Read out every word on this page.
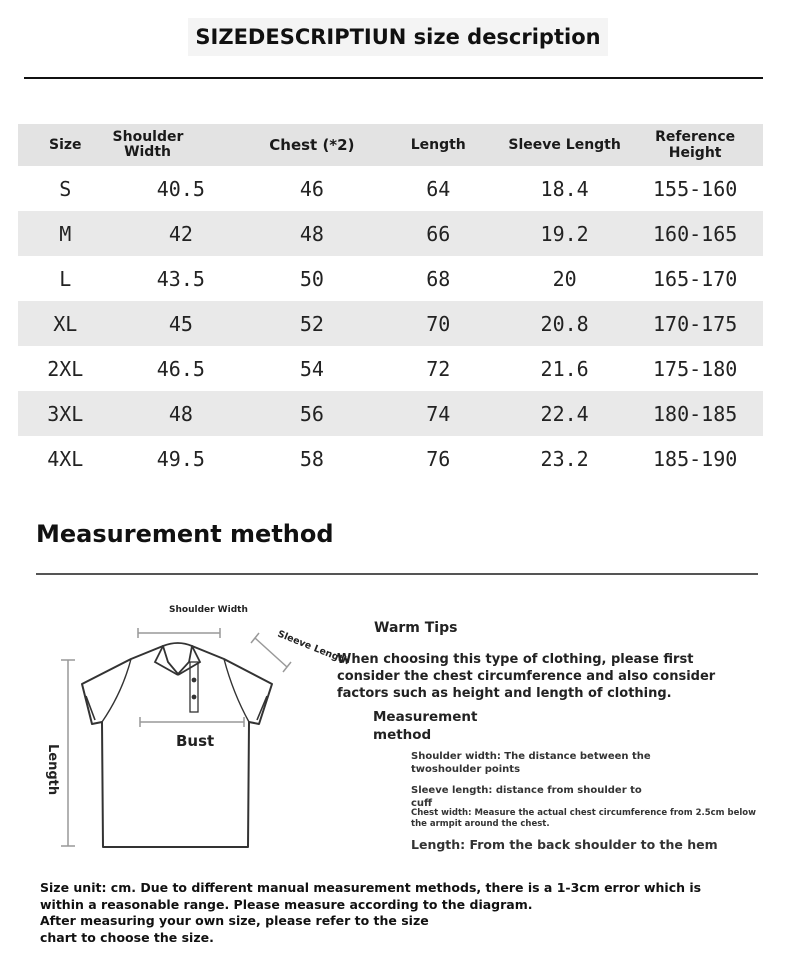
SIZEDESCRIPTIUN size description
Size	Shoulder Width	Chest (*2)	Length	Sleeve Length	Reference Height
S	40.5	46	64	18.4	155-160
M	42	48	66	19.2	160-165
L	43.5	50	68	20	165-170
XL	45	52	70	20.8	170-175
2XL	46.5	54	72	21.6	175-180
3XL	48	56	74	22.4	180-185
4XL	49.5	58	76	23.2	185-190
Measurement method
Shoulder Width
Sleeve Length
Bust
Length
Warm Tips
When choosing this type of clothing, please first consider the chest circumference and also consider factors such as height and length of clothing.
Measurement method
Shoulder width: The distance between the twoshoulder points
Sleeve length: distance from shoulder to cuff
Chest width: Measure the actual chest circumference from 2.5cm below the armpit around the chest.
Length: From the back shoulder to the hem
Size unit: cm. Due to different manual measurement methods, there is a 1-3cm error which is within a reasonable range. Please measure according to the diagram.
After measuring your own size, please refer to the size chart to choose the size.
